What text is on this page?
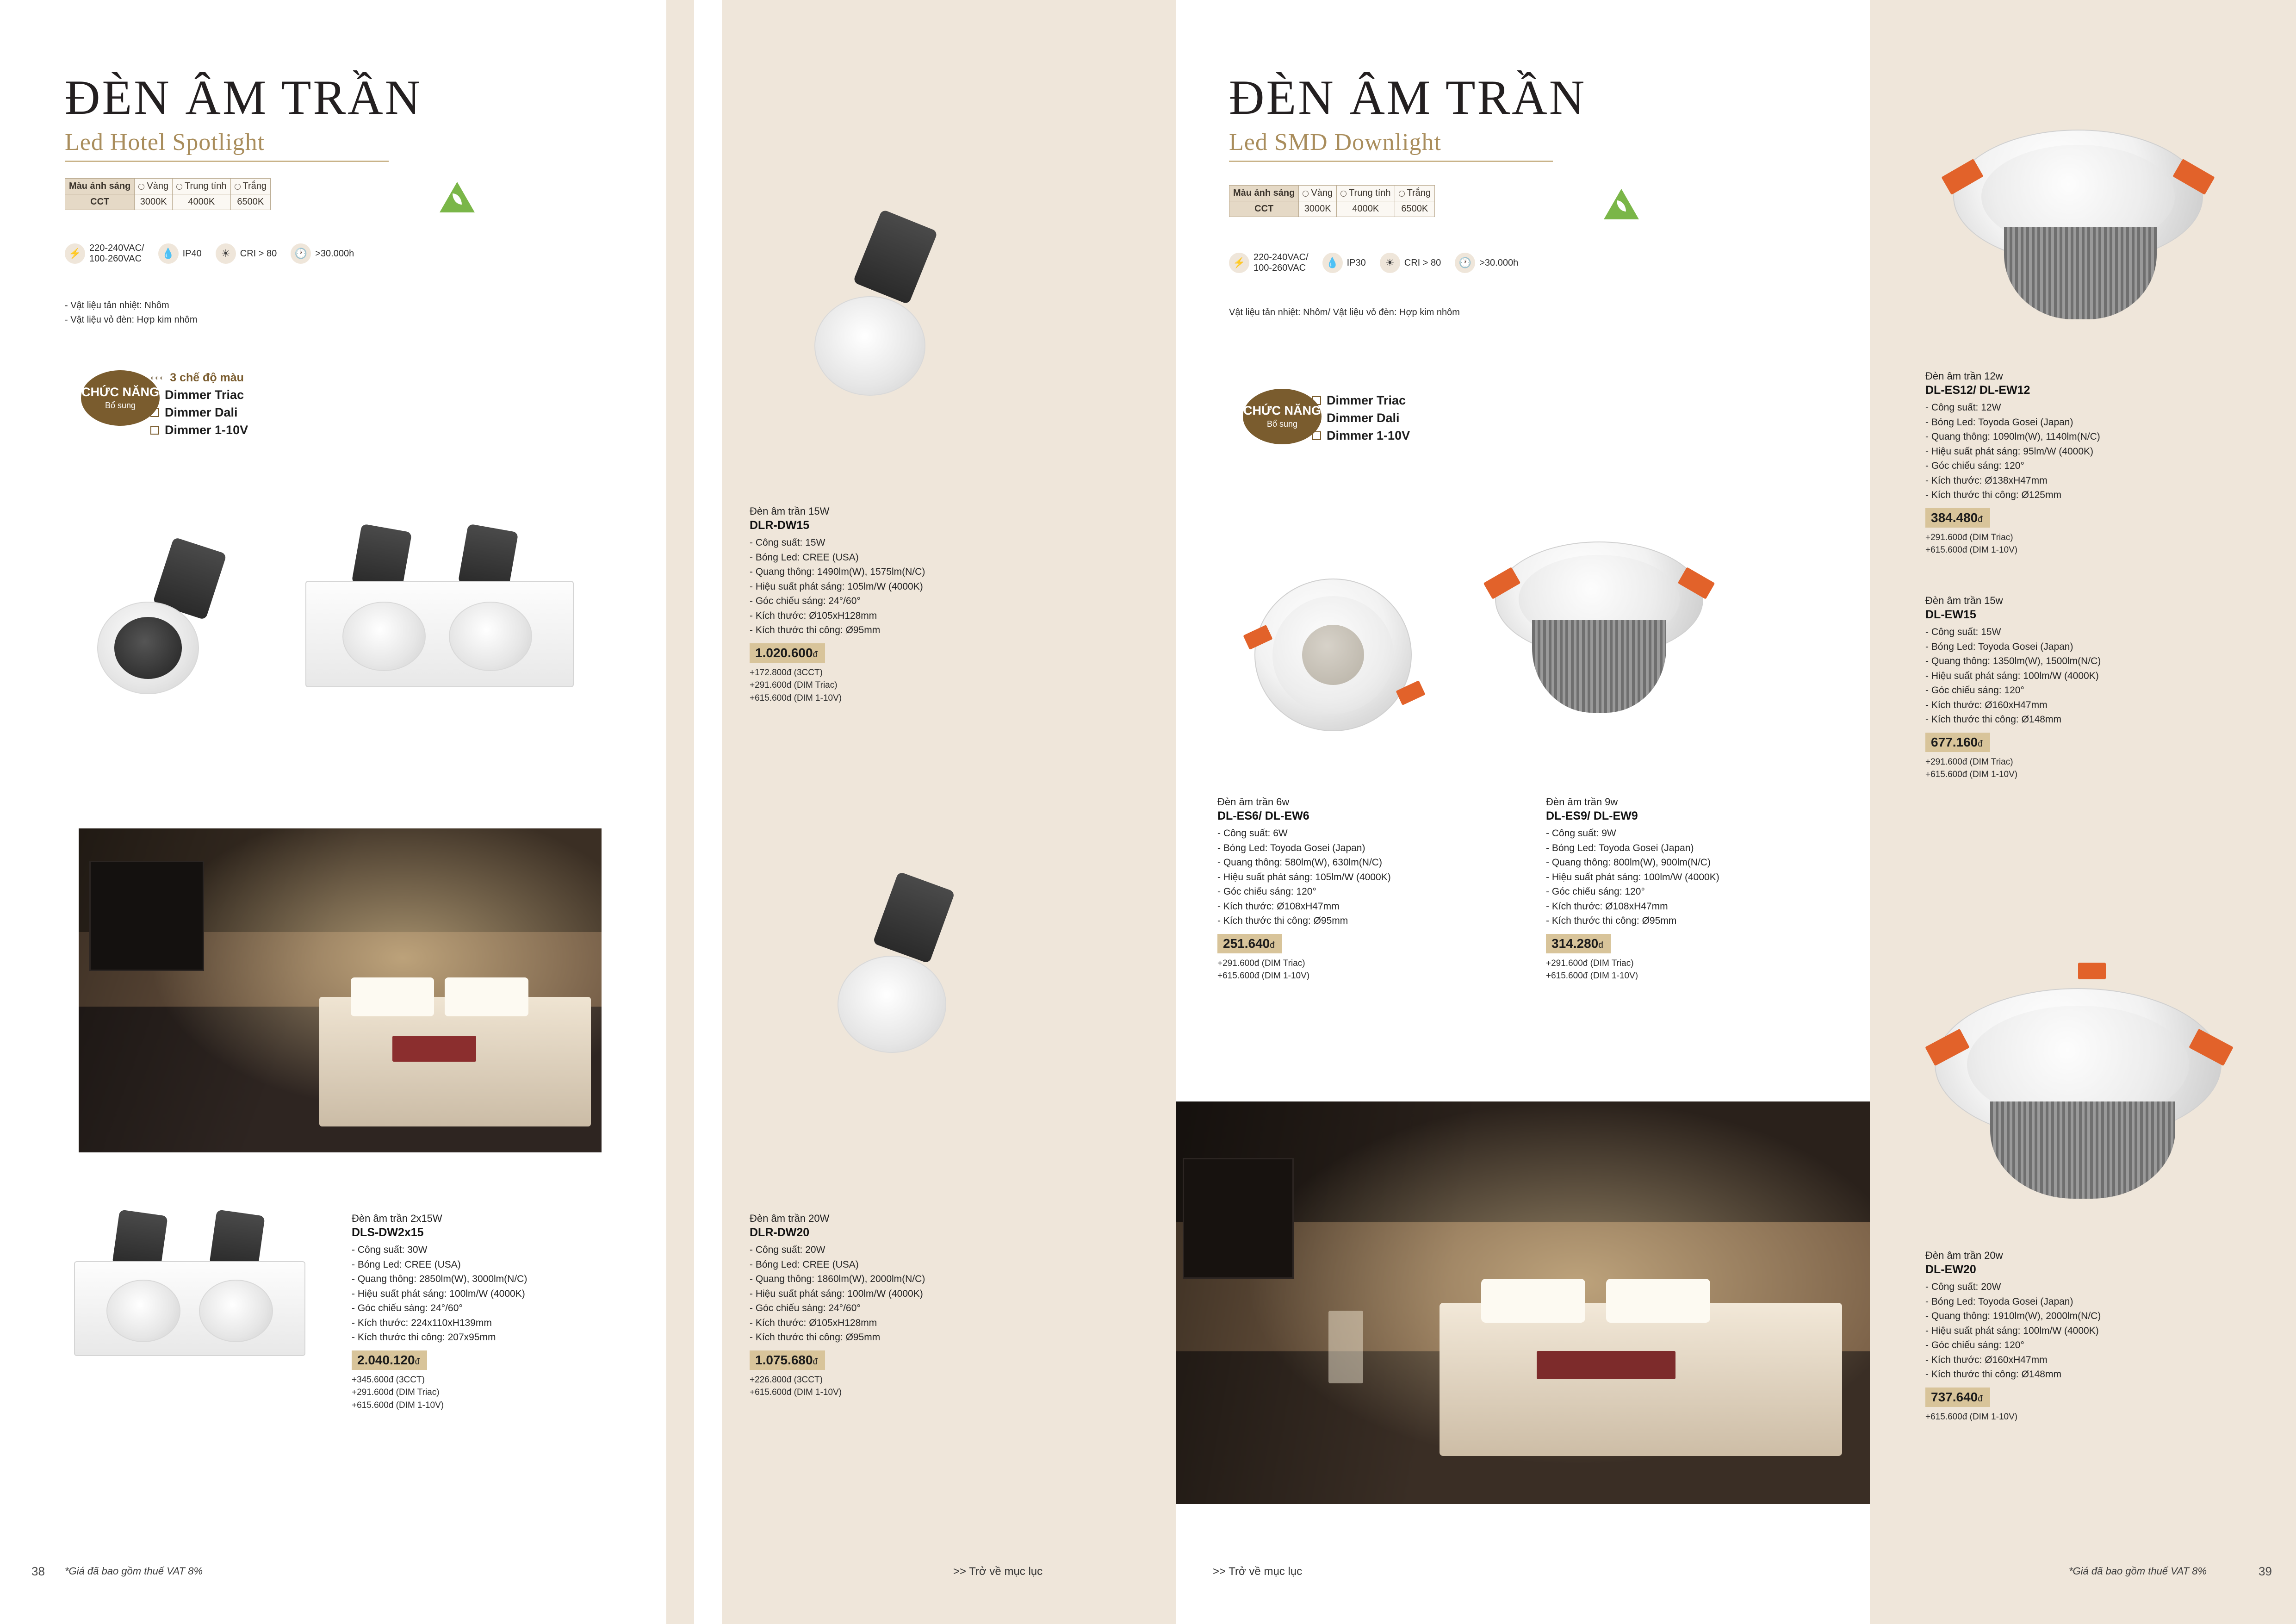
ĐÈN ÂM TRẦN
Led Hotel Spotlight
Màu ánh sáng	Vàng	Trung tính	Trắng
CCT	3000K	4000K	6500K
⚡ 220-240VAC/
100-260VAC	💧 IP40	☀	CRI > 80	🕐 >30.000h
- Vật liệu tản nhiệt: Nhôm
- Vật liệu vỏ đèn: Hợp kim nhôm
CHỨC NĂNG
Bổ sung
◐◐◐ 3 chế độ màu
Dimmer Triac
Dimmer Dali
Dimmer 1-10V
Đèn âm trần 15W
DLR-DW15
- Công suất: 15W
- Bóng Led: CREE (USA)
- Quang thông: 1490lm(W), 1575lm(N/C)
- Hiệu suất phát sáng: 105lm/W (4000K)
- Góc chiếu sáng: 24°/60°
- Kích thước: Ø105xH128mm
- Kích thước thi công: Ø95mm
1.020.600đ
+172.800đ (3CCT)
+291.600đ (DIM Triac)
+615.600đ (DIM 1-10V)
Đèn âm trần 2x15W
DLS-DW2x15
- Công suất: 30W
- Bóng Led: CREE (USA)
- Quang thông: 2850lm(W), 3000lm(N/C)
- Hiệu suất phát sáng: 100lm/W (4000K)
- Góc chiếu sáng: 24°/60°
- Kích thước: 224x110xH139mm
- Kích thước thi công: 207x95mm
2.040.120đ
+345.600đ (3CCT)
+291.600đ (DIM Triac)
+615.600đ (DIM 1-10V)
Đèn âm trần 20W
DLR-DW20
- Công suất: 20W
- Bóng Led: CREE (USA)
- Quang thông: 1860lm(W), 2000lm(N/C)
- Hiệu suất phát sáng: 100lm/W (4000K)
- Góc chiếu sáng: 24°/60°
- Kích thước: Ø105xH128mm
- Kích thước thi công: Ø95mm
1.075.680đ
+226.800đ (3CCT)
+615.600đ (DIM 1-10V)
38 *Giá đã bao gồm thuế VAT 8%	>> Trở về mục lục
ĐÈN ÂM TRẦN
Led SMD Downlight
Màu ánh sáng	Vàng	Trung tính	Trắng
CCT	3000K	4000K	6500K
⚡ 220-240VAC/
100-260VAC	💧 IP30	☀	CRI > 80	🕐 >30.000h
Vật liệu tản nhiệt: Nhôm/ Vật liệu vỏ đèn: Hợp kim nhôm
CHỨC NĂNG
Bổ sung
Dimmer Triac
Dimmer Dali
Dimmer 1-10V
Đèn âm trần 6w
DL-ES6/ DL-EW6
- Công suất: 6W
- Bóng Led: Toyoda Gosei (Japan)
- Quang thông: 580lm(W), 630lm(N/C)
- Hiệu suất phát sáng: 105lm/W (4000K)
- Góc chiếu sáng: 120°
- Kích thước: Ø108xH47mm
- Kích thước thi công: Ø95mm
251.640đ
+291.600đ (DIM Triac)
+615.600đ (DIM 1-10V)
Đèn âm trần 9w
DL-ES9/ DL-EW9
- Công suất: 9W
- Bóng Led: Toyoda Gosei (Japan)
- Quang thông: 800lm(W), 900lm(N/C)
- Hiệu suất phát sáng: 100lm/W (4000K)
- Góc chiếu sáng: 120°
- Kích thước: Ø108xH47mm
- Kích thước thi công: Ø95mm
314.280đ
+291.600đ (DIM Triac)
+615.600đ (DIM 1-10V)
Đèn âm trần 12w
DL-ES12/ DL-EW12
- Công suất: 12W
- Bóng Led: Toyoda Gosei (Japan)
- Quang thông: 1090lm(W), 1140lm(N/C)
- Hiệu suất phát sáng: 95lm/W (4000K)
- Góc chiếu sáng: 120°
- Kích thước: Ø138xH47mm
- Kích thước thi công: Ø125mm
384.480đ
+291.600đ (DIM Triac)
+615.600đ (DIM 1-10V)
Đèn âm trần 15w
DL-EW15
- Công suất: 15W
- Bóng Led: Toyoda Gosei (Japan)
- Quang thông: 1350lm(W), 1500lm(N/C)
- Hiệu suất phát sáng: 100lm/W (4000K)
- Góc chiếu sáng: 120°
- Kích thước: Ø160xH47mm
- Kích thước thi công: Ø148mm
677.160đ
+291.600đ (DIM Triac)
+615.600đ (DIM 1-10V)
Đèn âm trần 20w
DL-EW20
- Công suất: 20W
- Bóng Led: Toyoda Gosei (Japan)
- Quang thông: 1910lm(W), 2000lm(N/C)
- Hiệu suất phát sáng: 100lm/W (4000K)
- Góc chiếu sáng: 120°
- Kích thước: Ø160xH47mm
- Kích thước thi công: Ø148mm
737.640đ
+615.600đ (DIM 1-10V)
>> Trở về mục lục	*Giá đã bao gồm thuế VAT 8%	39
